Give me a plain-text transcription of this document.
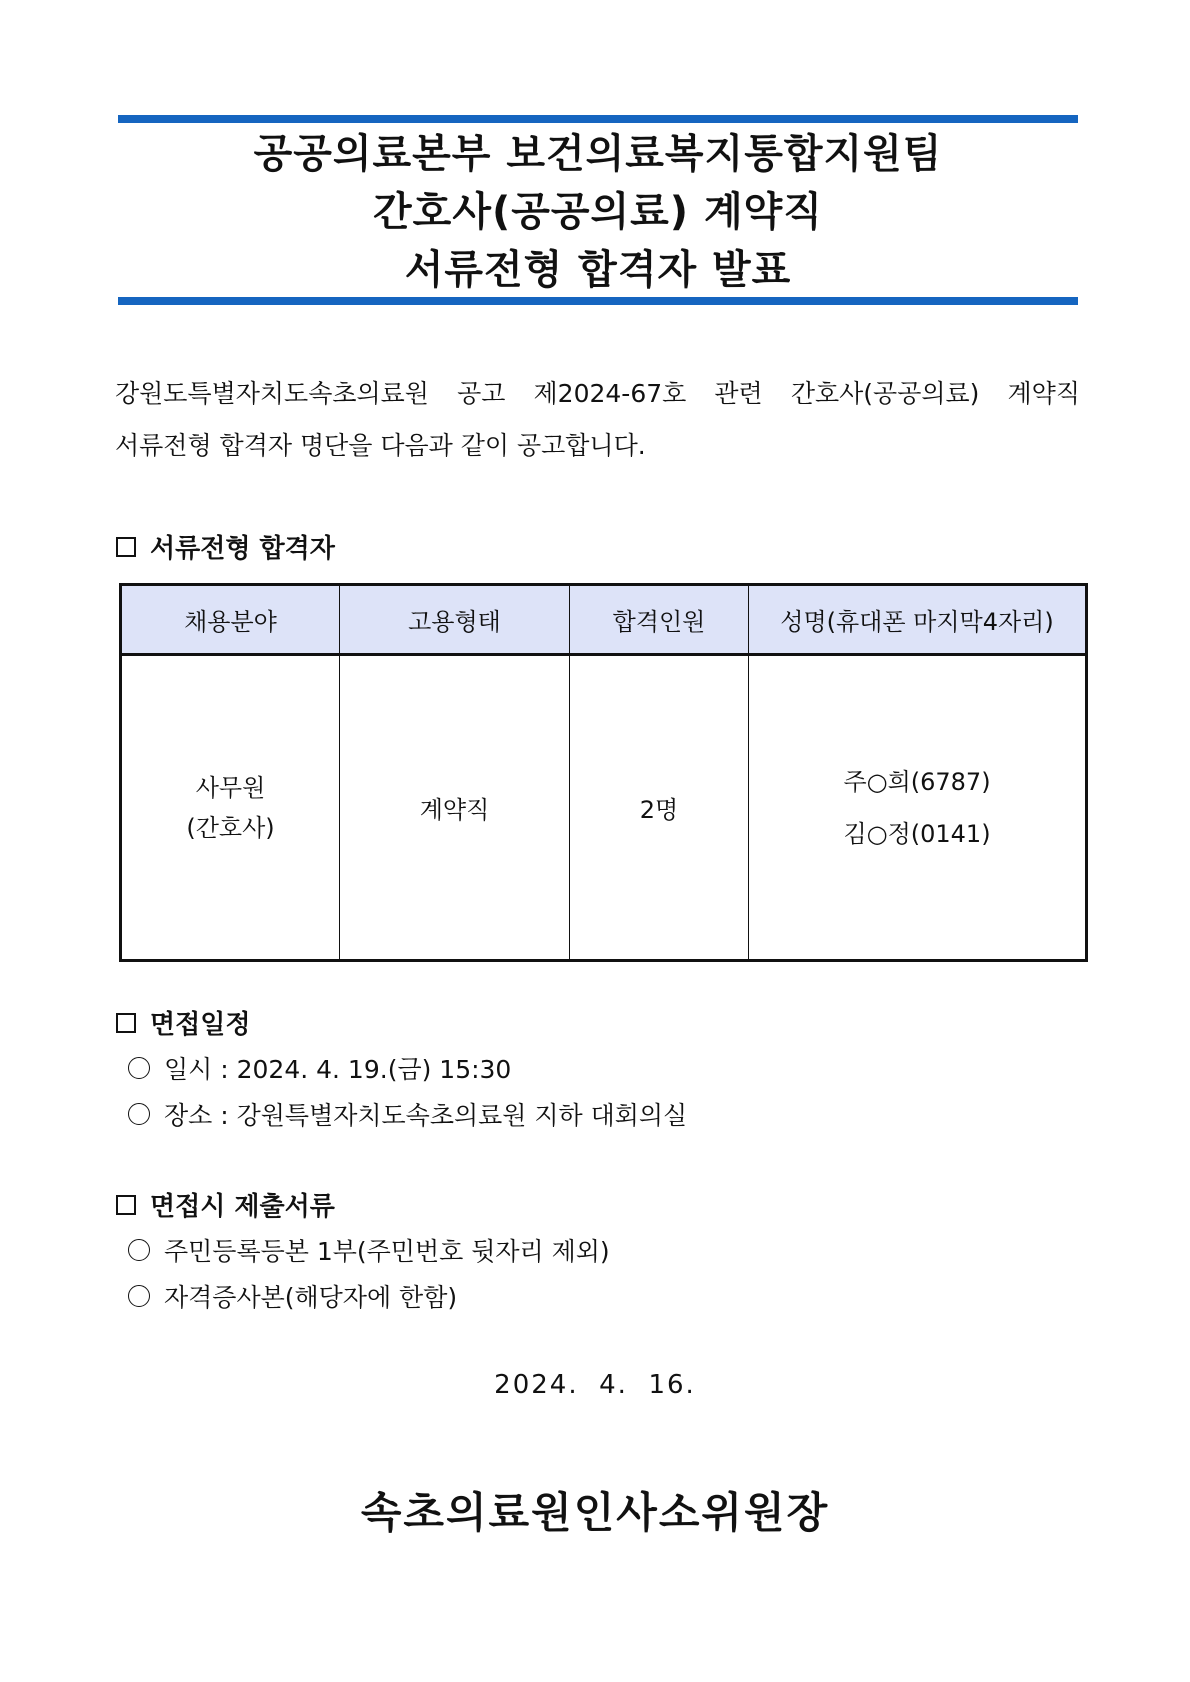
공공의료본부 보건의료복지통합지원팀
간호사(공공의료) 계약직
서류전형 합격자 발표
강원도특별자치도속초의료원 공고 제2024-67호 관련 간호사(공공의료) 계약직
서류전형 합격자 명단을 다음과 같이 공고합니다.
서류전형 합격자
채용분야	고용형태	합격인원	성명(휴대폰 마지막4자리)

사무원
(간호사)	계약직	2명	주○희(6787)
김○정(0141)
면접일정
일시 : 2024. 4. 19.(금) 15:30
장소 : 강원특별자치도속초의료원 지하 대회의실
면접시 제출서류
주민등록등본 1부(주민번호 뒷자리 제외)
자격증사본(해당자에 한함)
2024.  4.  16.
속초의료원인사소위원장
